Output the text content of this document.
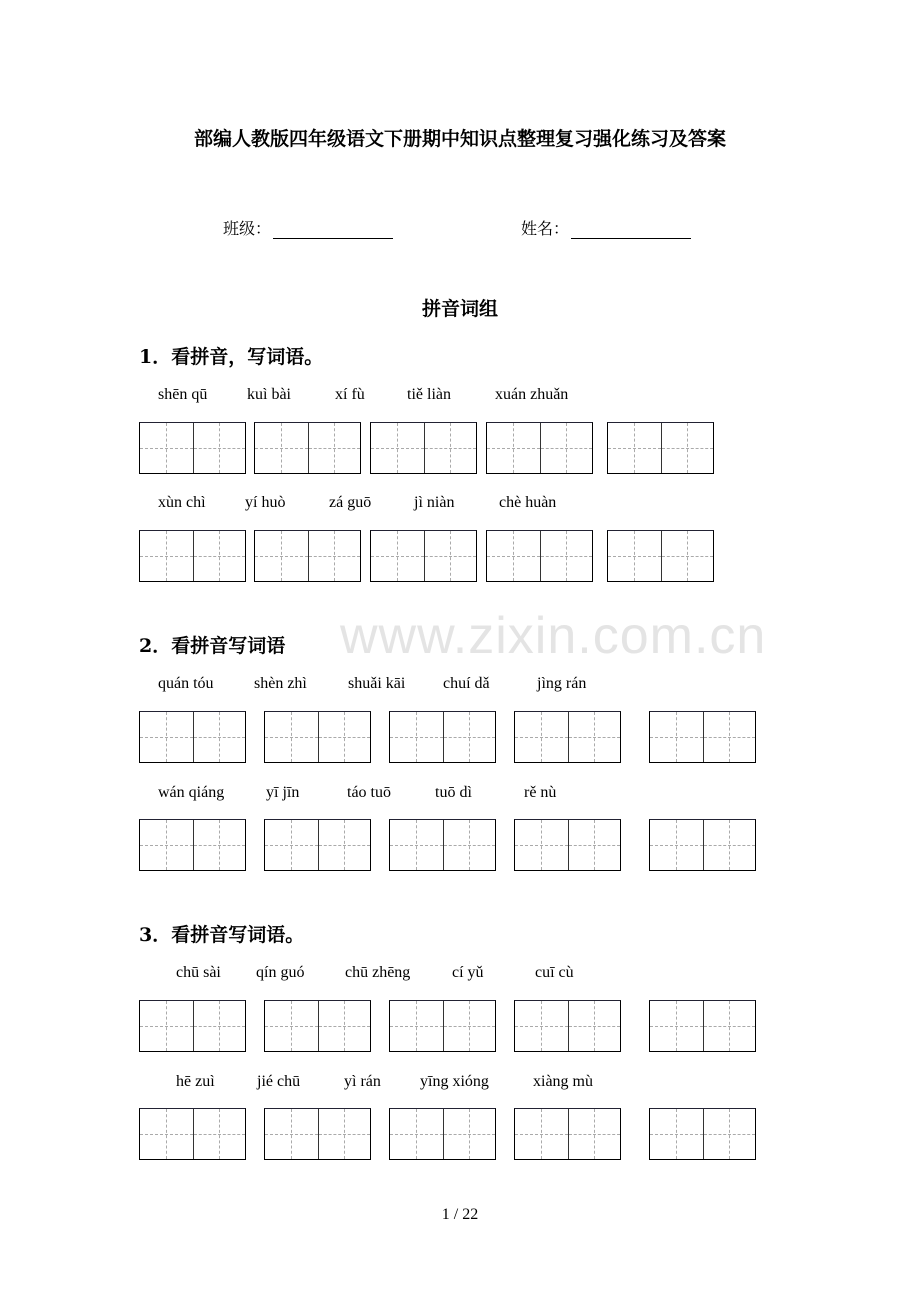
部编人教版四年级语文下册期中知识点整理复习强化练习及答案
班级：	姓名：
拼音词组
1．看拼音，写词语。
2．看拼音写词语
3．看拼音写词语。
www.zixin.com.cn
shēn qū kuì bài	xí fù	tiě liàn	xuán zhuǎn
xùn chì yí huò	zá guō	jì niàn	chè huàn
quán tóu	shèn zhì	shuǎi kāi chuí dǎ	jìng rán
wán qiáng	yī jīn	táo tuō	tuō dì	rě nù
chū sài qín guó	chū zhēng	cí yǔ	cuī cù
hē zuì	jié chū	yì rán yīng xióng	xiàng mù
1 / 22
